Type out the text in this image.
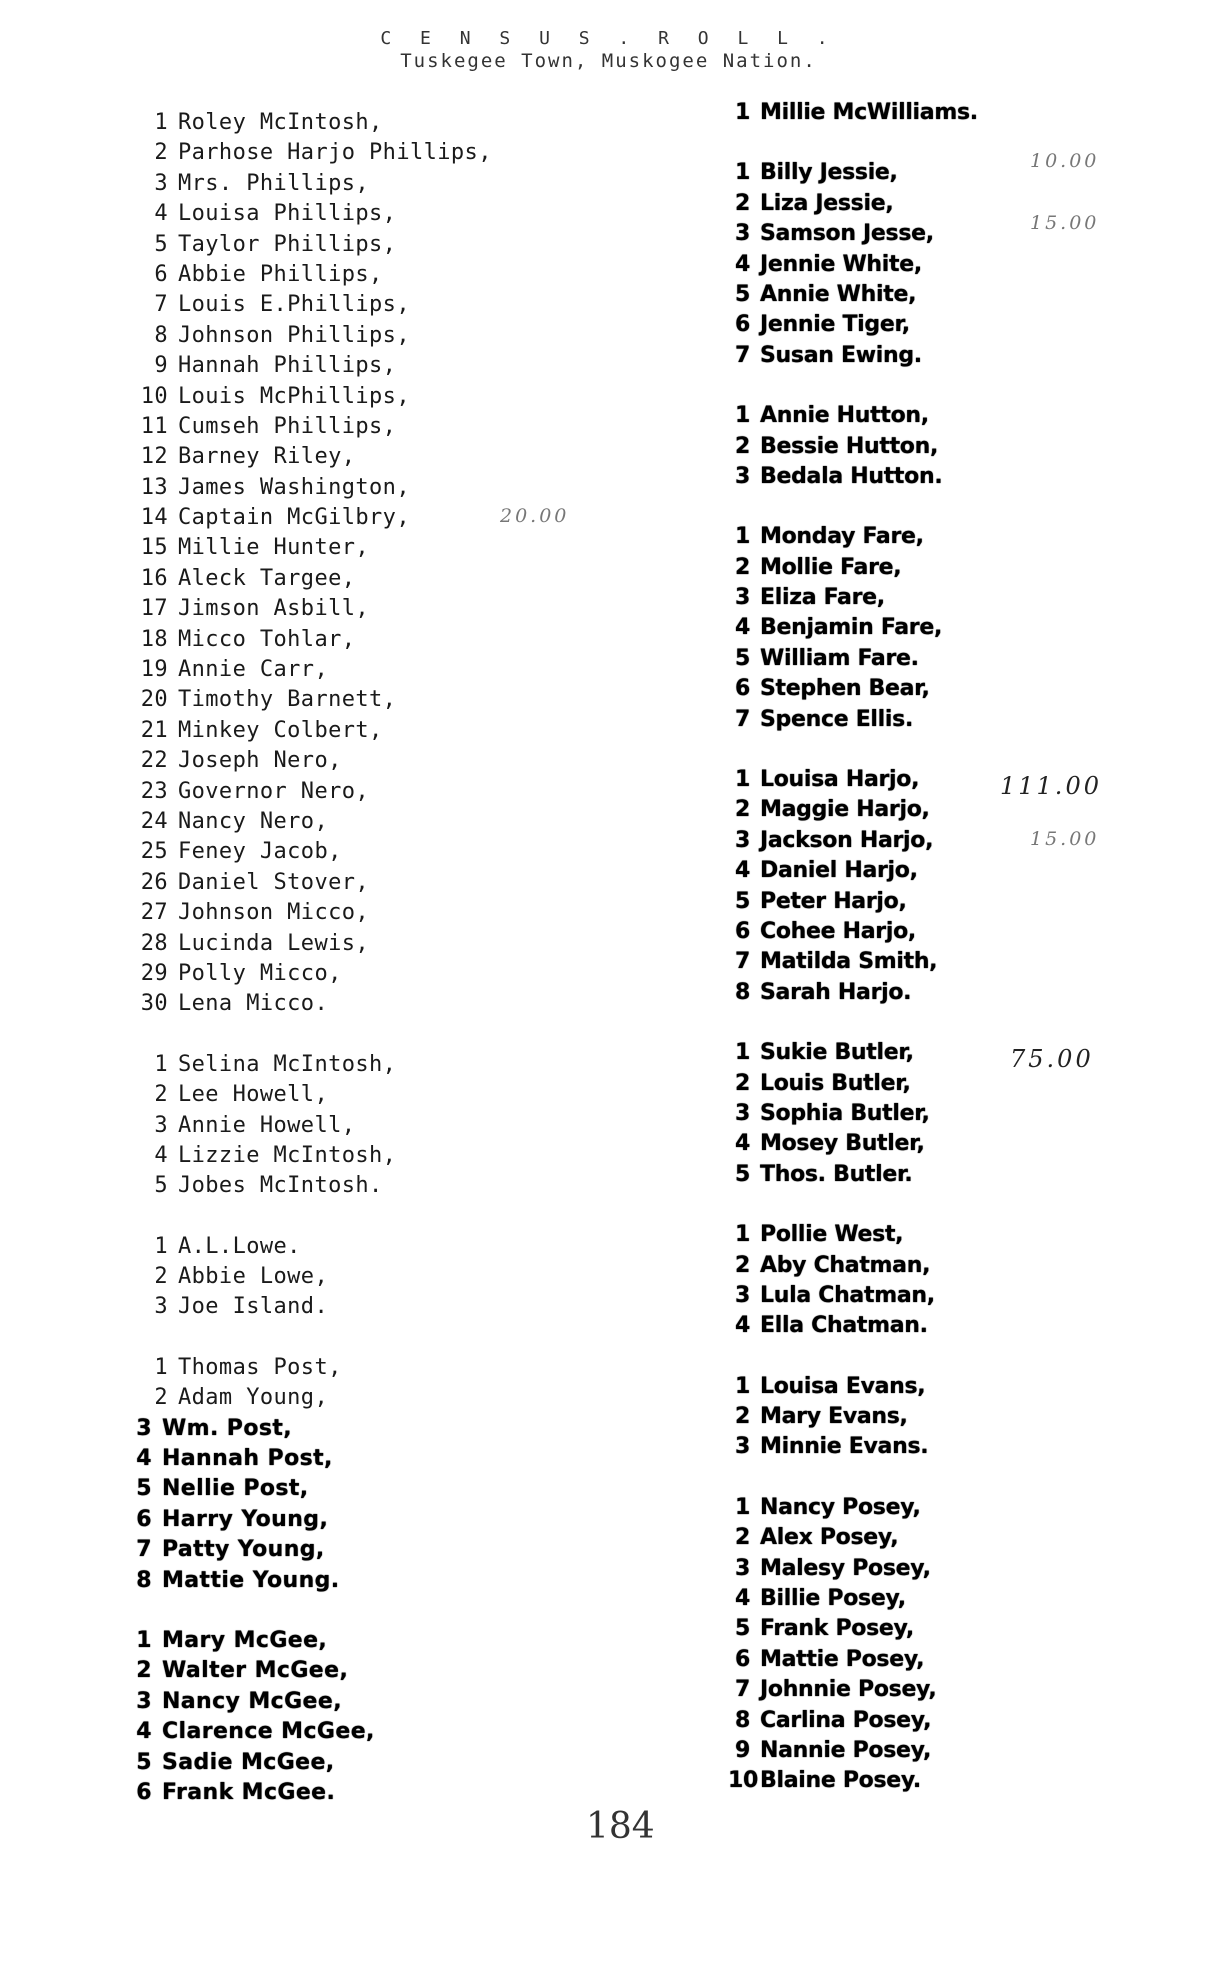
C E N S U S . R O L L .
Tuskegee Town, Muskogee Nation.
1 Roley McIntosh,
2 Parhose Harjo Phillips,
3 Mrs. Phillips,
4 Louisa Phillips,
5 Taylor Phillips,
6 Abbie Phillips,
7 Louis E.Phillips,
8 Johnson Phillips,
9 Hannah Phillips,
10 Louis McPhillips,
11 Cumseh Phillips,
12 Barney Riley,
13 James Washington,
14 Captain McGilbry,
15 Millie Hunter,
16 Aleck Targee,
17 Jimson Asbill,
18 Micco Tohlar,
19 Annie Carr,
20 Timothy Barnett,
21 Minkey Colbert,
22 Joseph Nero,
23 Governor Nero,
24 Nancy Nero,
25 Feney Jacob,
26 Daniel Stover,
27 Johnson Micco,
28 Lucinda Lewis,
29 Polly Micco,
30 Lena Micco.
1 Selina McIntosh,
2 Lee Howell,
3 Annie Howell,
4 Lizzie McIntosh,
5 Jobes McIntosh.
1 A.L.Lowe.
2 Abbie Lowe,
3 Joe Island.
1 Thomas Post,
2 Adam Young,
3 Wm. Post,
4 Hannah Post,
5 Nellie Post,
6 Harry Young,
7 Patty Young,
8 Mattie Young.
1 Mary McGee,
2 Walter McGee,
3 Nancy McGee,
4 Clarence McGee,
5 Sadie McGee,
6 Frank McGee.
1 Millie McWilliams.
1 Billy Jessie,
2 Liza Jessie,
3 Samson Jesse,
4 Jennie White,
5 Annie White,
6 Jennie Tiger,
7 Susan Ewing.
1 Annie Hutton,
2 Bessie Hutton,
3 Bedala Hutton.
1 Monday Fare,
2 Mollie Fare,
3 Eliza Fare,
4 Benjamin Fare,
5 William Fare.
6 Stephen Bear,
7 Spence Ellis.
1 Louisa Harjo,
2 Maggie Harjo,
3 Jackson Harjo,
4 Daniel Harjo,
5 Peter Harjo,
6 Cohee Harjo,
7 Matilda Smith,
8 Sarah Harjo.
1 Sukie Butler,
2 Louis Butler,
3 Sophia Butler,
4 Mosey Butler,
5 Thos. Butler.
1 Pollie West,
2 Aby Chatman,
3 Lula Chatman,
4 Ella Chatman.
1 Louisa Evans,
2 Mary Evans,
3 Minnie Evans.
1 Nancy Posey,
2 Alex Posey,
3 Malesy Posey,
4 Billie Posey,
5 Frank Posey,
6 Mattie Posey,
7 Johnnie Posey,
8 Carlina Posey,
9 Nannie Posey,
10Blaine Posey.
10.00
15.00
20.00
111.00
15.00
75.00
184
